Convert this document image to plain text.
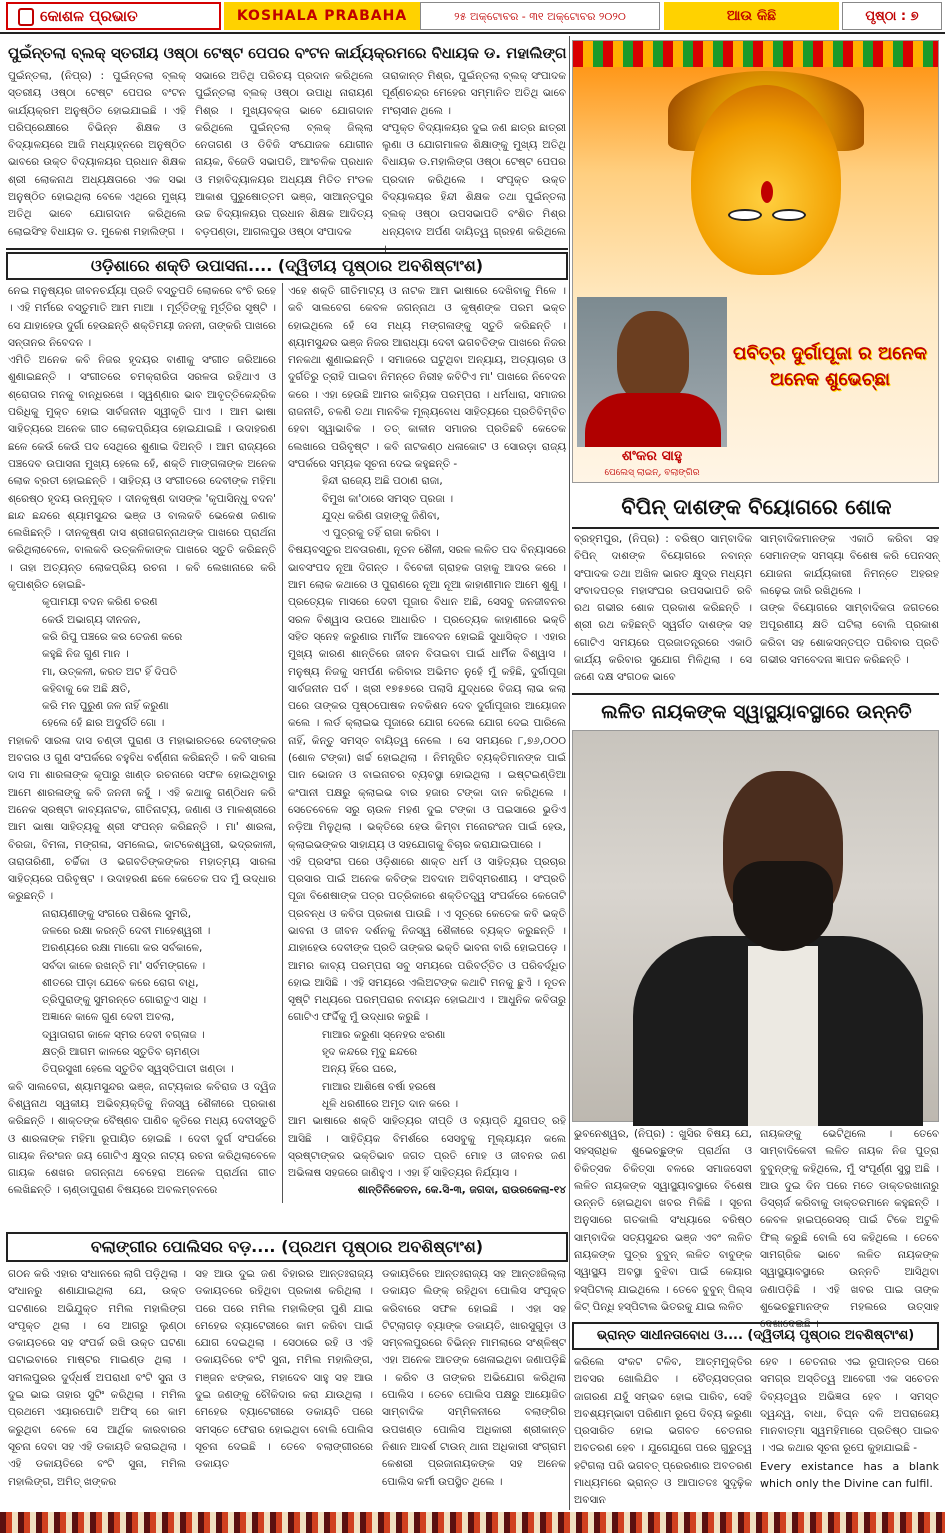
କୋଶଳ ପ୍ରଭାତ	KOSHALA PRABAHA	୨୫ ଅକ୍ଟୋବର - ୩୧ ଅକ୍ଟୋବର ୨୦୨୦	ଆଉ କିଛି	ପୃଷ୍ଠା : ୭
ପୁଇଁନ୍ତଲା ବ୍ଲକ୍ ସ୍ତରୀୟ ଓଷ୍ଠା ଟେଷ୍ଟ ପେପର ବଂଟନ କାର୍ଯ୍ୟକ୍ରମରେ ବିଧାୟକ ଡ. ମହାଲିଙ୍ଗ
ପୁଇଁନ୍ତଲା, (ନିପ୍ର) : ପୁଇଁନ୍ତଲା ବ୍ଲକ୍ ସ୍ତରୀୟ ଓଷ୍ଠା ଟେଷ୍ଟ ପେପର ବଂଟନ କାର୍ଯ୍ୟକ୍ରମ ଅନୁଷ୍ଠିତ ହୋଇଯାଇଛି । ଏହି ପରିପ୍ରେକ୍ଷୀରେ ବିଭିନ୍ନ ଶିକ୍ଷକ ଓ ବିଦ୍ୟାଳୟରେ ଆଜି ମଧ୍ୟାହ୍ନରେ ଅନୁଷ୍ଠିତ ଭାବରେ ଉକ୍ତ ବିଦ୍ୟାଳୟର ପ୍ରଧାନ ଶିକ୍ଷକ ଶ୍ରୀ ଲୋକନାଥ ଅଧ୍ୟକ୍ଷତାରେ ଏକ ସଭା ଅନୁଷ୍ଠିତ ହୋଇଥିଲା ବେଳେ ଏଥିରେ ମୁଖ୍ୟ ଅତିଥି ଭାବେ ଯୋଗଦାନ କରିଥିଲେ ଲୋଇସିଂହ ବିଧାୟକ ଡ. ମୁକେଶ ମହାଲିଙ୍ଗ ।
ସଭାରେ ଅତିଥି ପରିଚୟ ପ୍ରଦାନ କରିଥିଲେ ପୁଇଁନ୍ତଲା ବ୍ଲକ୍ ଓଷ୍ଠା ଉପାଧି ନାରାୟଣ ମିଶ୍ର । ମୁଖ୍ୟବକ୍ତା ଭାବେ ଯୋଗଦାନ କରିଥିଲେ ପୁଇଁନ୍ତଲା ବ୍ଲକ୍ ଜିଲ୍ଲା ନେତାଗଣ ଓ ଡିବିଜି ସଂଯୋଜକ ଯୋଗୀନ ନାୟକ, ବିଜେଡି ସଭାପତି, ଆଂଚଳିକ ପ୍ରଧାନ ଓ ମହାବିଦ୍ୟାଳୟର ଅଧ୍ୟକ୍ଷ ମିତିତ ମଂଡଳ ଆକାଶ ପୁରୁଷୋତ୍ତମ ଭଞ୍ଜ, ସାଆନ୍ତପୁର ଉଚ୍ଚ ବିଦ୍ୟାଳୟର ପ୍ରଧାନ ଶିକ୍ଷକ ଆଦିତ୍ୟ ବଡ଼ପଣ୍ଡା, ଆଗଲପୁର ଓଷ୍ଠା ସଂପାଦକ
ତାରାକାନ୍ତ ମିଶ୍ର, ପୁଇଁନ୍ତଲା ବ୍ଲକ୍ ସଂପାଦକ ପୂର୍ଣ୍ଣଚନ୍ଦ୍ର ମେହେର ସମ୍ମାନିତ ଅତିଥି ଭାବେ ମଂଚାସୀନ ଥିଲେ ।
ସଂପୃକ୍ତ ବିଦ୍ୟାଳୟର ଦୁଇ ଜଣ ଛାତ୍ର ଛାତ୍ରୀ ଲୁଣା ଓ ଯୋଗମାଳଜ ଶିକ୍ଷାଙ୍କୁ ମୁଖ୍ୟ ଅତିଥି ବିଧାୟକ ଡ.ମହାଲିଙ୍ଗ ଓଷ୍ଠା ଟେଷ୍ଟ ପେପର ପ୍ରଦାନ କରିଥିଲେ । ସଂପୃକ୍ତ ଉକ୍ତ ବିଦ୍ୟାଳୟର ହିନ୍ଦୀ ଶିକ୍ଷକ ତଥା ପୁଇଁନ୍ତଲା ବ୍ଲକ୍ ଓଷ୍ଠା ଉପସଭାପତି ବଂଶିତ ମିଶ୍ର ଧନ୍ୟବାଦ ଅର୍ପଣ ଦାୟିତ୍ୱ ଗ୍ରହଣ କରିଥିଲେ ।
ଓଡ଼ିଶାରେ ଶକ୍ତି ଉପାସନା.... (ଦ୍ୱିତୀୟ ପୃଷ୍ଠାର ଅବଶିଷ୍ଟାଂଶ)

ନେଇ ମନୁଷ୍ୟର ଜୀବନଚର୍ଯ୍ୟା ପ୍ରତି ବସ୍ତୁପତି ଲୋକରେ ବଂଚି ରହେ । ଏହି ମର୍ମରେ ବସ୍ତୁମାତି ଆମ ମାଆ । ମୂର୍ତ୍ତିଙ୍କୁ ମୂର୍ତ୍ତିର ସୃଷ୍ଟି । ସେ ଯାହାହେଉ ଦୁର୍ଗା ହେଉଛନ୍ତି ଶକ୍ତିମୟୀ ଜନନୀ, ତାଙ୍କରି ପାଖରେ ସନ୍ତାନର ନିବେଦନ ।

ଏମିତି ଅନେକ କବି ନିଜର ହୃଦୟର ବାଣୀକୁ ସଂଗୀତ ଜରିଆରେ ଶୁଣାଇଛନ୍ତି । ସଂଗୀତରେ ଚମକ୍ରାରିତା ସରଳତା ରହିଥାଏ ଓ ଶ୍ରୋତାର ମନକୁ ବାନ୍ଧିରଖେ । ସ୍ୱଣ୍ଣାର ଭାବ ଆବୃତ୍ତିକେନ୍ଦ୍ରିକ ପରିଧିକୁ ମୁକ୍ତ ହୋଇ ସାର୍ବଜନୀନ ସ୍ୱୀକୃତି ପାଏ । ଆମ ଭାଷା ସାହିତ୍ୟରେ ଅନେକ ଗୀତ ଲୋକପ୍ରିୟତା ହୋଇଯାଇଛି । ଉଦାହରଣ ଛଳେ କେଉଁ କେଉଁ ପଦ ସେଥିରେ ଶୁଣାଇ ଦିଅନ୍ତି । ଆମ ରାଜ୍ୟରେ ପଞ୍ଚଦେବ ଉପାସନା ମୁଖ୍ୟ ହେଲେ ହେଁ, ଶକ୍ତି ମାଙ୍ଗଳାଙ୍କ ଅନେକ ଲୋକ ବ୍ରତୀ ହୋଇଛନ୍ତି । ସାହିତ୍ୟ ଓ ସଂଗୀତରେ ଦେବୀଙ୍କ ମହିମା ଶ୍ରେଷ୍ଠ ହୃଦୟ ଉନ୍ମୁକ୍ତ । ଦୀନକୃଷ୍ଣ ଦାସଙ୍କ 'କୃପାସିନ୍ଧୁ ବଦନ' ଛାନ୍ଦ ଛନ୍ଦରେ ଶ୍ୟାମସୁନ୍ଦର ଭଞ୍ଜ ଓ ବାଲକବି ଭେକେଶ ଜଣାକ ଲେଖିଛନ୍ତି । ଦୀନକୃଷ୍ଣ ଦାସ ଶ୍ରୀଜଗନ୍ନାଥଙ୍କ ପାଖରେ ପ୍ରାର୍ଥନା କରିଥିଲାବେଳେ, ବାଲକବି ଉତ୍କଳିକାଙ୍କ ପାଖରେ ସ୍ତୁତି କରିଛନ୍ତି । ତାହା ଅତ୍ୟନ୍ତ ଲୋକପ୍ରିୟ ରଚନା । କବି ଲେଖାନାରେ କରି କୃପାଶ୍ରିତ ହୋଇଛି-

କୃପାମୟୀ ବଦନ କରିଣ ଚରଣ

କେଉଁ ଅଭାଗ୍ୟ ଦୀନଜନ,

କରି ରିପୁ ପଞ୍ଚରେ କର ତେଜଣ କରେ

କହୁଛି ନିଜ ଗୁଣ ମାନ ।

ମା, ଉତ୍କଳୀ, କରତ ଅଟ ହିଁ ଦିପତି

କହିବାକୁ କେ ଅଛି କ୍ଷତି,

କରି ମନ ପୁରୁଣ ଜଳ ନାହିଁ କରୁଣା

ହେଲେ ହେଁ ଛାର ଅଦୁର୍ଗତି ଗୋ ।

ମହାକବି ସାରଳା ଦାସ ଚଣ୍ଡୀ ପୁରାଣ ଓ ମହାଭାରତରେ ଦେବୀଙ୍କର ଅବତାର ଓ ଗୁଣ ସଂପର୍କରେ ବହୁବିଧ ବର୍ଣ୍ଣନା କରିଛନ୍ତି । କବି ସାରଳା ଦାସ ମା ଶାରଳାଙ୍କ କୃପାରୁ ଖାଣ୍ଡ ରଚନାରେ ସଫଳ ହୋଇଥିବାରୁ ଆମେ ଶାରଳାଙ୍କୁ କବି ଜନନୀ କହୁଁ । ଏହି କଥାକୁ ଗଣ୍ଠିଧନ କରି ଅନେକ ସ୍ରଷ୍ଟା କାବ୍ୟନାଟକ, ଗୀତିନାଟ୍ୟ, ଜଣାଣ ଓ ମାଳଶ୍ରୀରେ ଆମ ଭାଷା ସାହିତ୍ୟକୁ ଶ୍ରୀ ସଂପନ୍ନ କରିଛନ୍ତି । ମା' ଶାରଳା, ବିରଜା, ବିମଳା, ମଙ୍ଗଳା, ସମଲେଇ, କାଟକେଶ୍ୱରୀ, ଭଦ୍ରକାଳୀ, ତାରାତାରିଣୀ, ଚର୍ଚ୍ଚିକା ଓ ଭଗବତିଙ୍କଙ୍କର ମହାତ୍ମ୍ୟ ସାରଳା ସାହିତ୍ୟରେ ପରିବୃଷ୍ଟ । ଉଦାହରଣ ଛଳେ କେତେକ ପଦ ମୁଁ ଉଦ୍ଧାର କରୁଛନ୍ତି ।

ନାରାୟଣୀଙ୍କୁ ସଂଗରେ ପଶିଲେ ସୁମରି,

ଜଳରେ ରକ୍ଷା କରନ୍ତି ଦେବୀ ମାହେଶ୍ୱରୀ ।

ଅରଣ୍ୟରେ ରକ୍ଷା ମାଗୋ କର ସର୍ବକାଳେ,

ସର୍ବଦା କାଳେ ରଖନ୍ତି ମା' ସର୍ବମଙ୍ଗଳେ ।

ଶୀତରେ ପୀଡ଼ା ଯେବେ କରେ ରୋଗ ବାଧି,

ତ୍ରିପୁରାଙ୍କୁ ସୁମରନ୍ତେ ଗୋରାତୁଏ ସାଧି ।

ଅଜ୍ଞାନେ କାଳେ ଗୁଣ ଦେବୀ ଅବଲା,

ଦ୍ୱାତାରାଗ କାଳେ ସ୍ମର ଦେବୀ ବଗ୍ଳାଜ ।

କ୍ଷତ୍ରି ଆଗମ କାଳରେ ସ୍ତୁତିବ ଚାମଣ୍ଡା

ତିପ୍ରସୁଖୀ ହେଲେ ସ୍ତୁତିବ ସ୍ୱସ୍ତିପାତୀ ଖଣ୍ଡା ।

କବି ସାଲବେଗ, ଶ୍ୟାମସୁନ୍ଦର ଭଞ୍ଜ, ନାଟ୍ୟକାର କବିରାଜ ଓ ଦ୍ୱିଜ ବିଶ୍ୱନାଥ ସ୍ୱକୀୟ ଅଭିବ୍ୟକ୍ତିକୁ ନିଜସ୍ୱ ଶୈଳୀରେ ପ୍ରକାଶ କରିଛନ୍ତି । ଶାକ୍ତଙ୍କ ବୈଷ୍ଣବ ପାଣିବ କୃତିରେ ମଧ୍ୟ ଦେବୀସ୍ତୁତି ଓ ଶାରଳାଙ୍କ ମହିମା ରୂପାୟିତ ହୋଇଛି । ଦେବୀ ଦୁର୍ଗ ସଂପର୍କରେ ଗାୟକ ନିରଂଜନ ଜୟ ଗୋଟିଏ କ୍ଷୁଦ୍ର ନାଟ୍ୟ ରଚନା କରିଥିଲାବେଳେ ଗାୟକ ଶେଖର ଜଗନ୍ନାଥ ବେହେରା ଅନେକ ପ୍ରାର୍ଥନା ଗୀତ ଲେଖିଛନ୍ତି । ଚାଣ୍ଡାପୁରାଣ ବିଷୟରେ ଅବଲମ୍ବନରେ

ଏହେ ଶକ୍ତି ଗୀତିମାଟ୍ୟ ଓ ନାଟକ ଆମ ଭାଷାରେ ଦେଖିବାକୁ ମିଳେ । କବି ସାଲବେଗ କେବଳ ଜଗନ୍ନାଥ ଓ କୃଷ୍ଣଙ୍କ ପରମ ଭକ୍ତ ହୋଇଥିଲେ ହେଁ ସେ ମଧ୍ୟ ମଙ୍ଗଳାଙ୍କୁ ସ୍ତୁତି କରିଛନ୍ତି । ଶ୍ୟାମସୁନ୍ଦର ଭଞ୍ଜ ନିଜର ଆରାଧ୍ୟା ଦେବୀ ଭଗବତିଙ୍କ ପାଖରେ ନିଜର ମନକଥା ଶୁଣାଇଛନ୍ତି । ସମାଜରେ ଘଟୁଥିବା ଅନ୍ୟାୟ, ଅତ୍ୟାଚାର ଓ ଦୁର୍ଗତିରୁ ତ୍ରାହି ପାଇବା ନିମନ୍ତେ ନିରୀହ କବିଟିଏ ମା' ପାଖରେ ନିବେଦନ କରେ । ଏହା ହେଉଛି ଆମର କାବ୍ୟିକ ପରମ୍ପରା । ଧର୍ମଧାରା, ସମାଜର ରାଜନୀତି, ଚଳଣି ତଥା ମାନବିକ ମୂଲ୍ୟବୋଧ ସାହିତ୍ୟରେ ପ୍ରତିବିମ୍ବିତ ହେବା ସ୍ୱାଭାବିକ । ତତ୍ କାଳୀନ ସମାଜର ପ୍ରତିଛବି କେତେକ ଲେଖାରେ ପରିବୃଷ୍ଟ । କବି ନାଟକଣ୍ଠ ଧଳାକୋଟ ଓ ସୋରଡ଼ା ରାଜ୍ୟ ସଂପର୍କରେ ସମ୍ୟକ ସୂଚନା ଦେଇ କହୁଛନ୍ତି -

ହିନ୍ଦୀ ରାଜ୍ୟେ ଅଛି ପଠାଣ ରାଜା,

ବିମୁଖ କା'ଠାରେ ସମସ୍ତ ପ୍ରଜା ।

ଯୁଦ୍ଧ କରିଣ ତାହାଙ୍କୁ ଜିଣିବା,

ଏ ପୁତ୍ରକୁ ତହିଁ ରାଜା କରିବା ।

ବିଷୟବସ୍ତୁର ଅବତାରଣା, ନୂତନ ଶୈଳୀ, ସରଳ ଲଳିତ ପଦ ବିନ୍ୟାସରେ ଭାବସଂପଦ ନୂଆ ଦିଗନ୍ତ । ବିବେକୀ ଗ୍ରାହକ ତାହାକୁ ଆଦର କରେ । ଆମ ଲୋକ କଥାରେ ଓ ପୁରାଣରେ ନୂଆ ନୂଆ କାହାଣୀମାନ ଆମେ ଶୁଣୁ । ପ୍ରତ୍ୟେକ ମାସରେ ଦେବୀ ପୂଜାର ବିଧାନ ଅଛି, ସେସବୁ ଜନଜୀବନର ସରଳ ବିଶ୍ୱାସ ଉପରେ ଆଧାରିତ । ପ୍ରତ୍ୟେକ କାହାଣୀରେ ଭକ୍ତି ସହିତ ସ୍ନେହ କରୁଣାର ମାର୍ମିକ ଆବେଦନ ହୋଇଛି ସୁଧାସିକ୍ତ । ଏହାର ମୁଖ୍ୟ କାରଣ ଶାନ୍ତିରେ ଜୀବନ ବିତାଇବା ପାଇଁ ଧାର୍ମିକ ବିଶ୍ୱାସ । ମନୁଷ୍ୟ ନିଜକୁ ସମର୍ପଣ କରିବାର ଅଭିମତ ନୁହେଁ ମୁଁ କହିଛି, ଦୁର୍ଗାପୂଜା ସାର୍ବଜନୀନ ପର୍ବ । ଖ୍ରୀ ୧୭୫୭ରେ ପଲାସି ଯୁଦ୍ଧରେ ବିଜୟ ଲାଭ କଲା ପରେ ତାଙ୍କର ପୃଷ୍ଠପୋଷକ ନବକିଶନ ଦେବ ଦୁର୍ଗାପୂଜାର ଆୟୋଜନ କଲେ । ଲର୍ଡ କ୍ଲାଇଭ ପୂଜାରେ ଯୋଗ ଦେଲେ ଯୋଗ ଦେଇ ପାରିଲେ ନାହିଁ, କିନ୍ତୁ ସମସ୍ତ ବାୟିତ୍ୱ ନେଲେ । ସେ ସମୟରେ ୮,୭୬,୦୦୦ (ଶୋଳ ଟଙ୍କା) ଖର୍ଚ୍ଚ ହୋଇଥିଲା । ନିମନ୍ତ୍ରିତ ବ୍ୟକ୍ତିମାନଙ୍କ ପାଇଁ ପାନ ଭୋଜନ ଓ ବାଇନାଚର ବ୍ୟବସ୍ଥା ହୋଇଥିଲା । ଇଷ୍ଟଇଣ୍ଡିଆ କଂପାନୀ ପକ୍ଷରୁ କ୍ଲାଇଭ ବାର ହଜାର ଟଙ୍କା ଦାନ କରିଥିଲେ । ସେତେବେଳେ ସରୁ ଚାଉଳ ମହଣ ଦୁଇ ଟଙ୍କା ଓ ପଇସାରେ ଭୁଡିଏ ନଡ଼ିଆ ମିଳୁଥିଲା । ଭକ୍ତିରେ ହେଉ କିମ୍ବା ମନୋରଂଜନ ପାଇଁ ହେଉ, କ୍ଲାଇଭଙ୍କର ସାହାଯ୍ୟ ଓ ସହଯୋଗକୁ ବିଚାର କରାଯାଇପାରେ ।

ଏହି ପ୍ରସଂଗ ପରେ ଓଡ଼ିଶାରେ ଶାକ୍ତ ଧର୍ମ ଓ ସାହିତ୍ୟର ପ୍ରଚାର ପ୍ରସାର ପାଇଁ ଅନେକ କବିଙ୍କ ଅବଦାନ ଅବିସ୍ମରଣୀୟ । ସଂପ୍ରତି ପୂଜା ବିଶେଷାଙ୍କ ପତ୍ର ପତ୍ରିକାରେ ଶକ୍ତିତତ୍ତ୍ୱ ସଂପର୍କରେ କେତୋଟି ପ୍ରବନ୍ଧ ଓ କବିତା ପ୍ରକାଶ ପାଉଛି । ଏ ସୂତ୍ରେ କେତେକ କବି ଭକ୍ତି ଭାବନା ଓ ଜୀବନ ଦର୍ଶନକୁ ନିଜସ୍ୱ ଶୈଳୀରେ ବ୍ୟକ୍ତ କରୁଛନ୍ତି । ଯାହାହେଉ ଦେବୀଙ୍କ ପ୍ରତି ତାଙ୍କର ଭକ୍ତି ଭାବନା ବାରି ହୋଇପଡ଼େ । ଆମର କାବ୍ୟ ପରମ୍ପରା ସବୁ ସମୟରେ ପରିବର୍ତ୍ତିତ ଓ ପରିବର୍ଦ୍ଧିତ ହୋଇ ଆସିଛି । ଏହି ସମୟରେ ଏଲିଅଟଙ୍କ କଥାଟି ମନକୁ ଛୁଏଁ । ନୂତନ ସୃଷ୍ଟି ମଧ୍ୟରେ ପରମ୍ପରାର ନବାୟନ ହୋଇଥାଏ । ଆଧୁନିକ କବିତାରୁ ଗୋଟିଏ ଫର୍ଦ୍ଦିକୁ ମୁଁ ଉଦ୍ଧାର କରୁଛି ।

ମାଆର କରୁଣା ସ୍ନେହର ଝରଣା

ହୃଦ କନ୍ଦରେ ମୃଦୁ ଛନ୍ଦରେ

ଅନ୍ୟ ହିଁରେ ଘରେ,

ମାଆର ଆଶିଷେ ବର୍ଷା ହରଷେ

ଧୂଳି ଧରଣୀରେ ଅମୃତ ଦାନ କରେ ।

ଆମ ଭାଷାରେ ଶକ୍ତି ସାହିତ୍ୟର ଦୀପ୍ତି ଓ ବ୍ୟାପ୍ତି ଯୁଗପତ୍ ରହି ଆସିଛି । ସାହିତ୍ୟିକ ବିମର୍ଶରେ ସେସବୁକୁ ମୂଲ୍ୟାୟନ କଲେ ସ୍ରଷ୍ଟାଙ୍କର ଭକ୍ତିଭାବ ଜଗତ ପ୍ରତି ମୋହ ଓ ଜୀବନର ଜଣ ଅଭିଳାଷ ସହଜରେ ଜାଣିହୁଏ । ଏହା ହିଁ ସାହିତ୍ୟର ନିର୍ଯ୍ୟାସ ।

ଶାନ୍ତିନିକେତନ, କେ.ସି-୩, ଜଗଦା, ରାଉରକେଲା-୧୪

ବଲାଙ୍ଗୀର ପୋଲିସର ବଡ଼.... (ପ୍ରଥମ ପୃଷ୍ଠାର ଅବଶିଷ୍ଟାଂଶ)
ଗଠନ କରି ଏହାର ସଂଧାନରେ ଲାଗି ପଡ଼ିଥିଲା । ସଂଧାନରୁ ଶଣାଯାଇଥିଲା ଯେ, ଉକ୍ତ ଘଟଣାରେ ଅଭିଯୁକ୍ତ ମମିଲ ମହାଲିଙ୍ଗ ସଂପୃକ୍ତ ଥିଲା । ସେ ଆଗରୁ ଲୁଣ୍ଠା ଡକାୟତରେ ସହ ସଂପର୍କ ରଖି ଉକ୍ତ ଘଟଣା ଘଟାଇବାରେ ମାଷ୍ଟର ମାଇଣ୍ଡ ଥିଲା । ସମଲପୁରର ଦୁର୍ଦ୍ଧର୍ଷ ଅପରାଧୀ ବଂଟି ସୁନା ଓ ଦୁଇ ଭାଇ ତାହାର ସୁଟିଂ କରିଥିଲା । ମମିଲ ପ୍ରଥମେ ଏୟାରପୋଟି ଅଫିସ୍ ରେ କାମ କରୁଥିବା ବେଳେ ସେ ଆର୍ଥିକ କାରବାରର ସୂଚନା ଦେବା ସହ ଏହି ଡକାୟତି କରାଇଥିଲା । ଏହି ଡକାୟତିରେ ବଂଟି ସୁନା, ମମିଲ ମହାଲିଙ୍ଗ, ଅମିତ୍ ଖଙ୍କର
ସହ ଆଉ ଦୁଇ ଜଣ ବିହାରର ଆନ୍ତଃରାଜ୍ୟ ଡକାୟତରେ ରହିଥିବା ପ୍ରକାଶ କରିଥିଲା । ପରେ ପରେ ମମିଲ ମହାଲିଙ୍ଗ ପୁଣି ଯାଇ ମେହେର ବ୍ୟାଟେରୀରେ କାମ କରିବା ପାଇଁ ଯୋଗ ଦେଇଥିଲା । ସେଠାରେ ରହି ଓ ଏହି ଡକାୟତିରେ ବଂଟି ସୁନା, ମମିଲ ମହାଲିଙ୍ଗ, ମଞ୍ଜନ ଝଙ୍କର, ମହାଦେବ ସାହୁ ସହ ଆଉ ଦୁଇ ଜଣଙ୍କୁ ଚୌକିଦାର କରା ଯାଉଥିଲା । ମେହେର ବ୍ୟାଟେରୀରେ ଡକାୟତି ପରେ ସମସ୍ତେ ଫେରାର ହୋଇଥିବା ବୋଲି ପୋଲିସ ସୂଚନା ଦେଇଛି । ତେବେ ବଲାଙ୍ଗୀରରେ ଡକାୟତ
ଡକାୟତିରେ ଆନ୍ତଃରାଜ୍ୟ ସହ ଆନ୍ତଃଜିଲ୍ଲା ଡକାୟତ ଲିଙ୍କ୍ ରହିଥିବା ପୋଲିସ ସଂପୃକ୍ତ କରିବାରେ ସଫଳ ହୋଇଛି । ଏହା ସହ ଟିଟ୍‌ଲାଗଡ଼ ବ୍ୟାଙ୍କ ଡକାୟତି, ଖାରସୁଗୁଡ଼ା ଓ ସମ୍ବଲପୁରରେ ବିଭିନ୍ନ ମାମଲାରେ ସଂଶ୍ଳିଷ୍ଟ ଏହା ଅନେକ ଆତଙ୍କ ଖେଳାଇଥିବା ଜଣାପଡ଼ିଛି । କରିବ ଓ ତାଙ୍କର ଅଭିଯୋଗ କରିଥିଲା ପୋଲିସ । ତେବେ ପୋଲିସ ପକ୍ଷରୁ ଆୟୋଜିତ ସାମ୍ବାଦିକ ସମ୍ମିଳନୀରେ ବଲାଙ୍ଗିର ଉପଖଣ୍ଡ ପୋଲିସ ଅଧିକାରୀ ଶ୍ରୀକାନ୍ତ ନିଶାନ ଆଦର୍ଶ ଟାଉନ୍ ଥାନା ଅଧିକାରୀ ସଂଗ୍ରାମ କେଶରୀ ପ୍ରଜାନାୟକଙ୍କ ସହ ଅନେକ ପୋଲିସ କର୍ମୀ ଉପସ୍ଥିତ ଥିଲେ ।
ପବିତ୍ର ଦୁର୍ଗାପୂଜା ର ଅନେକ ଅନେକ ଶୁଭେଚ୍ଛା
ଶଂକର ସାହୁ
ପେଲେସ୍ ଲାଇନ୍, ବଲାଙ୍ଗିର
ବିପିନ୍ ଦାଶଙ୍କ ବିୟୋଗରେ ଶୋକ
ବ୍ରହ୍ମପୁର, (ନିପ୍ର) : ବରିଷ୍ଠ ସାମ୍ବାଦିକ ବିପିନ୍ ଦାଶଙ୍କ ବିୟୋଗରେ ନବାନ୍ନ ସଂପାଦକ ତଥା ଅଖିଳ ଭାରତ କ୍ଷୁଦ୍ର ମଧ୍ୟମ ସଂବାଦପତ୍ର ମହାସଂଘର ଉପସଭାପତି ରବି ରଥ ଗଭୀର ଶୋକ ପ୍ରକାଶ କରିଛନ୍ତି । ଶ୍ରୀ ରଥ କହିଛନ୍ତି ସ୍ୱର୍ଗତ ଦାଶଙ୍କ ସହ ଗୋଟିଏ ସମୟରେ ପ୍ରଜାତନ୍ତ୍ରରେ ଏକାଠି କାର୍ଯ୍ୟ କରିବାର ସୁଯୋଗ ମିଳିଥିଲା । ସେ ଜଣେ ଦକ୍ଷ ସଂଗଠକ ଭାବେ
ସାମ୍ବାଦିକମାନଙ୍କ ଏକାଠି କରିବା ସହ ସେମାନଙ୍କ ସମସ୍ୟା ବିଶେଷ କରି ପେନସନ୍ ଯୋଜନା କାର୍ଯ୍ୟକାରୀ ନିମନ୍ତେ ଅହରହ ଲଢ଼େଇ ଜାରି ରଖିଥିଲେ ।
ତାଙ୍କ ବିୟୋଗରେ ସାମ୍ବାଦିକତା ଜଗତରେ ଅପୂରଣୀୟ କ୍ଷତି ଘଟିଲା ବୋଲି ପ୍ରକାଶ କରିବା ସହ ଶୋକସନ୍ତପ୍ତ ପରିବାର ପ୍ରତି ଗଭୀର ସମବେଦନା ଜ୍ଞାପନ କରିଛନ୍ତି ।
ଲଳିତ ନାୟକଙ୍କ ସ୍ୱାସ୍ଥ୍ୟାବସ୍ଥାରେ ଉନ୍ନତି
ଭୁବନେଶ୍ୱର, (ନିପ୍ର) : ଖୁସିର ବିଷୟ ଯେ, ସହସ୍ରାଧିକ ଶୁଭେଚ୍ଛୁଙ୍କ ପ୍ରାର୍ଥନା ଓ ଚିକିତ୍ସକ ଚିକିତ୍ସା ବଳରେ ସମାଜସେବୀ ଲଳିତ ନାୟକଙ୍କ ସ୍ୱାସ୍ଥ୍ୟାବସ୍ଥାରେ ବିଶେଷ ଉନ୍ନତି ହୋଇଥିବା ଖବର ମିଳିଛି । ସୂଚନା ଅନୁସାରେ ଗତକାଲି ସଂଧ୍ୟାରେ ବରିଷ୍ଠ ସାମ୍ବାଦିକ ସତ୍ୟସୁନ୍ଦର ଭଞ୍ଜ ଏବଂ ଲଳିତ ନାୟକଙ୍କ ପୁତ୍ର ବୁବୁନ୍ ଲଳିତ ବାବୁଙ୍କ ସ୍ୱାସ୍ଥ୍ୟ ଅବସ୍ଥା ବୁଝିବା ପାଇଁ କେୟାର ହସ୍ପିଟାଲ୍ ଯାଇଥିଲେ । ତେବେ ବୁବୁନ୍ ପିଲ୍ସ କିଟ୍ ପିନ୍ଧି ହସ୍ପିଟାଲ ଭିତରକୁ ଯାଇ ଲଳିତ
ନାୟକଙ୍କୁ ଭେଟିଥିଲେ । ତେବେ ସାମ୍ବାଦିକେବୀ ଲଳିତ ନାୟକ ନିଜ ପୁତ୍ରା ବୁବୁନ୍ଙ୍କୁ କହିଥିଲେ, ମୁଁ ସଂପୂର୍ଣ୍ଣ ସୁସ୍ଥ ଅଛି । ଆଉ ଦୁଇ ଦିନ ପରେ ମତେ ଡାକ୍ତରଖାନାରୁ ଡିସ୍‌ଚାର୍ଜ କରିବାକୁ ଡାକ୍ତରମାନେ କହୁଛନ୍ତି । କେବଳ ହାଇପ୍ରେସର୍ ପାଇଁ ଟିକେ ଅଟୁଳି ଫିଲ୍ କରୁଛି ବୋଲି ସେ କହିଥିଲେ । ତେବେ ସାମଗ୍ରିକ ଭାବେ ଲଳିତ ନାୟକଙ୍କ ସ୍ୱାସ୍ଥ୍ୟାବସ୍ଥାରେ ଉନ୍ନତି ଆସିଥିବା ଜଣାପଡ଼ିଛି । ଏହି ଖବର ପାଇ ତାଙ୍କ ଶୁଭେଚ୍ଛୁମାନଙ୍କ ମହଲରେ ଉତ୍ସାହ ଦେଖାଦେଇଛି ।
ଭ୍ରାନ୍ତ ସାଧୀନତାବୋଧ ଓ.... (ଦ୍ୱିତୀୟ ପୃଷ୍ଠାର ଅବଶିଷ୍ଟାଂଶ)
କରିଲେ ସଂକଟ ଟଳିବ, ଆତ୍ମମୁକ୍ତିର ଅବସର ଖୋଲିଯିବ । ଚୈତ୍ୟସତ୍ତାର ଜାଗରଣ ଯହୁଁ ସମ୍ଭବ ହୋଇ ପାରିବ, ସେହି ଅବଶ୍ୟମ୍ଭାବୀ ପରିଣାମ ରୂପେ ଦିବ୍ୟ କରୁଣା ପ୍ରସାରିତ ହୋଇ ଭଗବତ ଚେତନାର ଅବତରଣ ହେବ । ଯୁଗେଯୁଗେ ପରେ ଗୁରୁତ୍ୱ ହଟିଗଲା ପରି ଭଗବତ୍ ପ୍ରେରଣାର ଅବତରଣ ମାଧ୍ୟମରେ ଭ୍ରାନ୍ତ ଓ ଆପାତତଃ ସୁଦୃଢ଼ିକ ଅବସାନ

ହେବ । ଚେତନାର ଏଇ ରୂପାନ୍ତର ପରେ ସମଗ୍ର ଅସ୍ତିତ୍ୱ ଆବେଗୀ ଏକ ସଚେତନ ଦିବ୍ୟତ୍ୱର ଅଭିଜ୍ଞତା ହେବ । ସମସ୍ତ ଦ୍ୱନ୍ଦ୍ୱ, ବାଧା, ବିଘ୍ନ ଦଳି ଅପରାଜେୟ ମାନବାତ୍ମା ସ୍ୱମହିମାରେ ପ୍ରତିଷ୍ଠ ପାଇବ । ଏଇ କଥାର ସୂଚନା ରୂପେ କୁହାଯାଇଛି -

Every existance has a blank which only the Divine can fulfil.
